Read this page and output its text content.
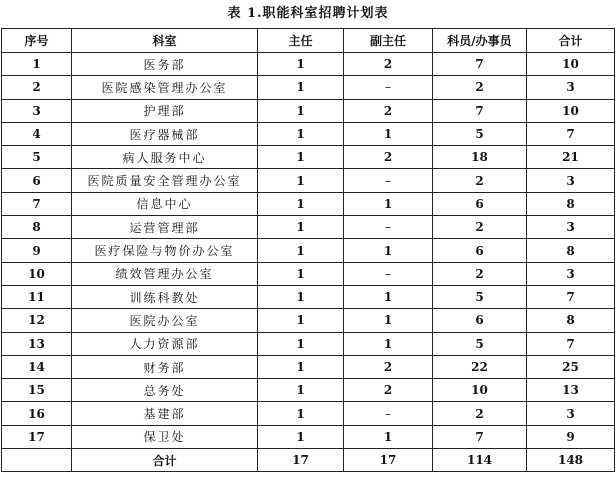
表 1.职能科室招聘计划表
序号	科室	主任	副主任	科员/办事员	合计
1	医务部	1	2	7	10
2	医院感染管理办公室	1	–	2	3
3	护理部	1	2	7	10
4	医疗器械部	1	1	5	7
5	病人服务中心	1	2	18	21
6	医院质量安全管理办公室	1	–	2	3
7	信息中心	1	1	6	8
8	运营管理部	1	–	2	3
9	医疗保险与物价办公室	1	1	6	8
10	绩效管理办公室	1	–	2	3
11	训练科教处	1	1	5	7
12	医院办公室	1	1	6	8
13	人力资源部	1	1	5	7
14	财务部	1	2	22	25
15	总务处	1	2	10	13
16	基建部	1	–	2	3
17	保卫处	1	1	7	9
	合计	17	17	114	148
